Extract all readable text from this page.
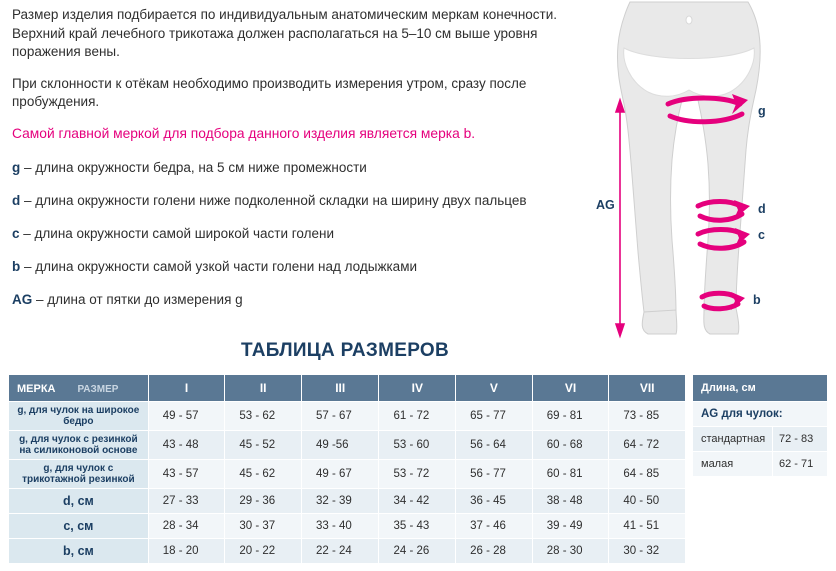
Размер изделия подбирается по индивидуальным анатомическим меркам конечности. Верхний край лечебного трикотажа должен располагаться на 5–10 см выше уровня поражения вены.

При склонности к отёкам необходимо производить измерения утром, сразу после пробуждения.

Самой главной меркой для подбора данного изделия является мерка b.

g – длина окружности бедра, на 5 см ниже промежности

d – длина окружности голени ниже подколенной складки на ширину двух пальцев

c – длина окружности самой широкой части голени

b – длина окружности самой узкой части голени над лодыжками

AG – длина от пятки до измерения g

g
d
c
b
AG
ТАБЛИЦА РАЗМЕРОВ
МЕРКА РАЗМЕР	I	II	III	IV	V	VI	VII
g, для чулок на широкое бедро	49 - 57	53 - 62	57 - 67	61 - 72	65 - 77	69 - 81	73 - 85
g, для чулок с резинкой на силиконовой основе	43 - 48	45 - 52	49 -56	53 - 60	56 - 64	60 - 68	64 - 72
g, для чулок с трикотажной резинкой	43 - 57	45 - 62	49 - 67	53 - 72	56 - 77	60 - 81	64 - 85
d, см	27 - 33	29 - 36	32 - 39	34 - 42	36 - 45	38 - 48	40 - 50
c, см	28 - 34	30 - 37	33 - 40	35 - 43	37 - 46	39 - 49	41 - 51
b, см	18 - 20	20 - 22	22 - 24	24 - 26	26 - 28	28 - 30	30 - 32
Длина, см	
AG для чулок:	
стандартная	72 - 83
малая	62 - 71
